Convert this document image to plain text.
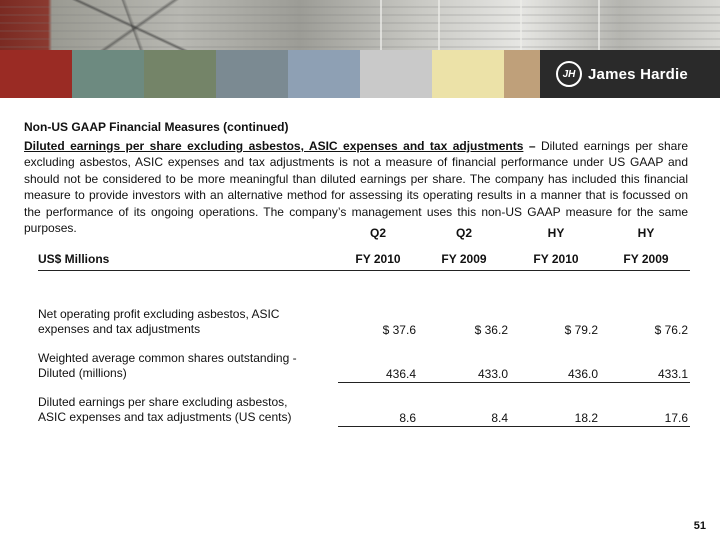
JH James Hardie
Non-US GAAP Financial Measures (continued)
Diluted earnings per share excluding asbestos, ASIC expenses and tax adjustments – Diluted earnings per share excluding asbestos, ASIC expenses and tax adjustments is not a measure of financial performance under US GAAP and should not be considered to be more meaningful than diluted earnings per share. The company has included this financial measure to provide investors with an alternative method for assessing its operating results in a manner that is focussed on the performance of its ongoing operations. The company’s management uses this non-US GAAP measure for the same purposes.
		Q2	Q2	HY	HY
US$ Millions	FY 2010	FY 2009	FY 2010	FY 2009

Net operating profit excluding asbestos, ASIC
expenses and tax adjustments	$ 37.6	$ 36.2	$ 79.2	$ 76.2

Weighted average common shares outstanding -
Diluted (millions)	436.4	433.0	436.0	433.1

Diluted earnings per share excluding asbestos,
ASIC expenses and tax adjustments (US cents)	8.6	8.4	18.2	17.6
51
